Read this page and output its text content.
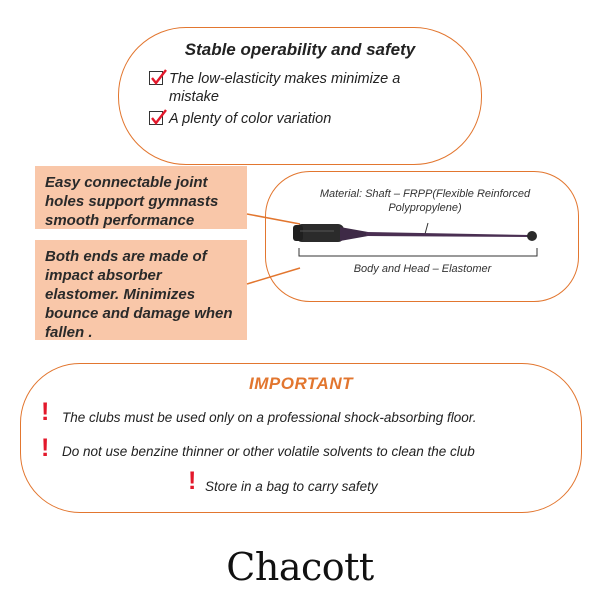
Stable operability and safety
The low-elasticity makes minimize a mistake
A plenty of color variation
Easy connectable joint holes support gymnasts smooth performance
Both ends are made of impact absorber elastomer. Minimizes bounce and damage when fallen .
Material: Shaft – FRPP(Flexible Reinforced Polypropylene)
Body and Head – Elastomer
IMPORTANT
! The clubs must be used only on a professional shock-absorbing floor.
! Do not use benzine thinner or other volatile solvents to clean the club
! Store in a bag to carry safety
Chacott
